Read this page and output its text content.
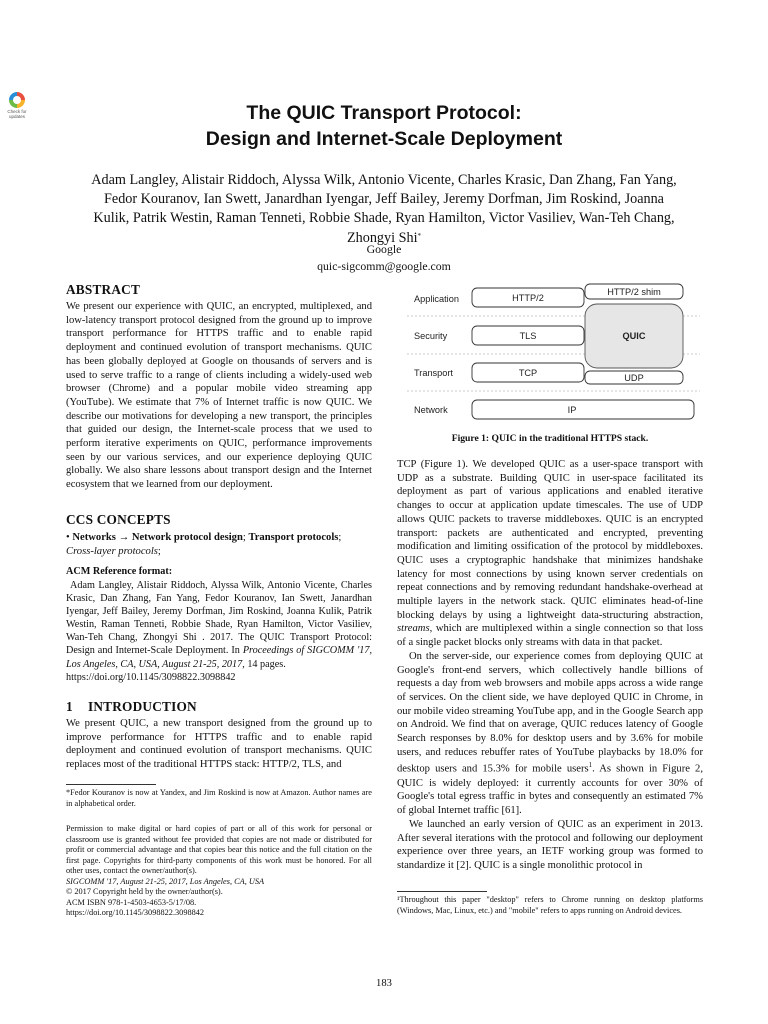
Check for updates	The QUIC Transport Protocol:
Design and Internet-Scale Deployment
Adam Langley, Alistair Riddoch, Alyssa Wilk, Antonio Vicente, Charles Krasic, Dan Zhang, Fan Yang, Fedor Kouranov, Ian Swett, Janardhan Iyengar, Jeff Bailey, Jeremy Dorfman, Jim Roskind, Joanna Kulik, Patrik Westin, Raman Tenneti, Robbie Shade, Ryan Hamilton, Victor Vasiliev, Wan-Teh Chang, Zhongyi Shi*
Google
quic-sigcomm@google.com
ABSTRACT

We present our experience with QUIC, an encrypted, multiplexed, and low-latency transport protocol designed from the ground up to improve transport performance for HTTPS traffic and to enable rapid deployment and continued evolution of transport mechanisms. QUIC has been globally deployed at Google on thousands of servers and is used to serve traffic to a range of clients including a widely-used web browser (Chrome) and a popular mobile video streaming app (YouTube). We estimate that 7% of Internet traffic is now QUIC. We describe our motivations for developing a new transport, the principles that guided our design, the Internet-scale process that we used to perform iterative experiments on QUIC, performance improvements seen by our various services, and our experience deploying QUIC globally. We also share lessons about transport design and the Internet ecosystem that we learned from our deployment.

CCS CONCEPTS
• Networks → Network protocol design; Transport protocols;
Cross-layer protocols;
ACM Reference format:
Adam Langley, Alistair Riddoch, Alyssa Wilk, Antonio Vicente, Charles Krasic, Dan Zhang, Fan Yang, Fedor Kouranov, Ian Swett, Janardhan Iyengar, Jeff Bailey, Jeremy Dorfman, Jim Roskind, Joanna Kulik, Patrik Westin, Raman Tenneti, Robbie Shade, Ryan Hamilton, Victor Vasiliev, Wan-Teh Chang, Zhongyi Shi . 2017. The QUIC Transport Protocol: Design and Internet-Scale Deployment. In Proceedings of SIGCOMM '17, Los Angeles, CA, USA, August 21-25, 2017, 14 pages.
https://doi.org/10.1145/3098822.3098842
1 INTRODUCTION

We present QUIC, a new transport designed from the ground up to improve performance for HTTPS traffic and to enable rapid deployment and continued evolution of transport mechanisms. QUIC replaces most of the traditional HTTPS stack: HTTP/2, TLS, and

*Fedor Kouranov is now at Yandex, and Jim Roskind is now at Amazon. Author names are in alphabetical order.
Permission to make digital or hard copies of part or all of this work for personal or classroom use is granted without fee provided that copies are not made or distributed for profit or commercial advantage and that copies bear this notice and the full citation on the first page. Copyrights for third-party components of this work must be honored. For all other uses, contact the owner/author(s).
SIGCOMM '17, August 21-25, 2017, Los Angeles, CA, USA
© 2017 Copyright held by the owner/author(s).
ACM ISBN 978-1-4503-4653-5/17/08.
https://doi.org/10.1145/3098822.3098842
Application
Security
Transport
Network
HTTP/2
TLS
TCP
IP
HTTP/2 shim
UDP
QUIC
Figure 1: QUIC in the traditional HTTPS stack.

TCP (Figure 1). We developed QUIC as a user-space transport with UDP as a substrate. Building QUIC in user-space facilitated its deployment as part of various applications and enabled iterative changes to occur at application update timescales. The use of UDP allows QUIC packets to traverse middleboxes. QUIC is an encrypted transport: packets are authenticated and encrypted, preventing modification and limiting ossification of the protocol by middleboxes. QUIC uses a cryptographic handshake that minimizes handshake latency for most connections by using known server credentials on repeat connections and by removing redundant handshake-overhead at multiple layers in the network stack. QUIC eliminates head-of-line blocking delays by using a lightweight data-structuring abstraction, streams, which are multiplexed within a single connection so that loss of a single packet blocks only streams with data in that packet.

On the server-side, our experience comes from deploying QUIC at Google's front-end servers, which collectively handle billions of requests a day from web browsers and mobile apps across a wide range of services. On the client side, we have deployed QUIC in Chrome, in our mobile video streaming YouTube app, and in the Google Search app on Android. We find that on average, QUIC reduces latency of Google Search responses by 8.0% for desktop users and by 3.6% for mobile users, and reduces rebuffer rates of YouTube playbacks by 18.0% for desktop users and 15.3% for mobile users$^1$. As shown in Figure 2, QUIC is widely deployed: it currently accounts for over 30% of Google's total egress traffic in bytes and consequently an estimated 7% of global Internet traffic [61].

We launched an early version of QUIC as an experiment in 2013. After several iterations with the protocol and following our deployment experience over three years, an IETF working group was formed to standardize it [2]. QUIC is a single monolithic protocol in

¹Throughout this paper "desktop" refers to Chrome running on desktop platforms (Windows, Mac, Linux, etc.) and "mobile" refers to apps running on Android devices.
183
